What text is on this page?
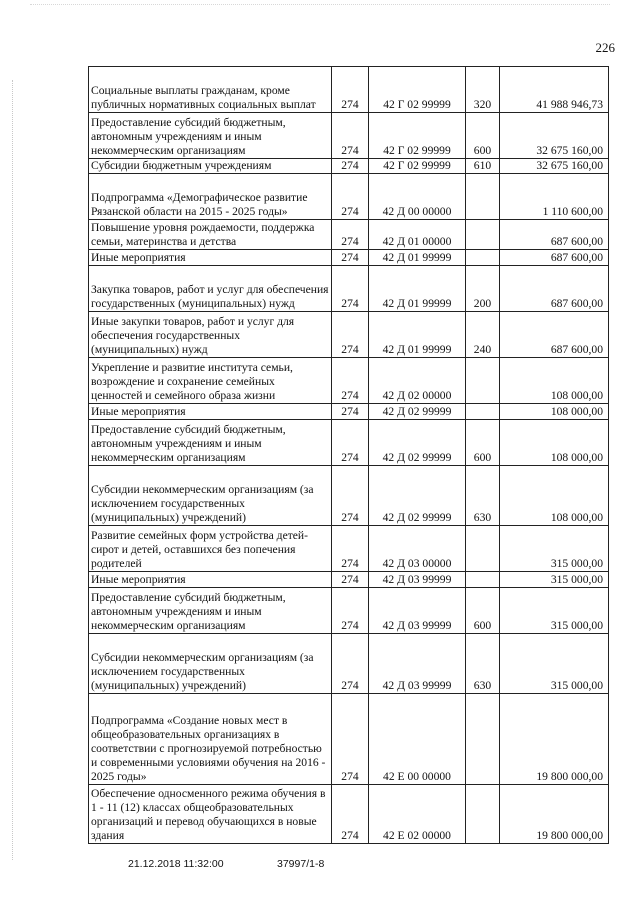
226
Социальные выплаты гражданам, кроме публичных нормативных социальных выплат	274	42 Г 02 99999	320	41 988 946,73
Предоставление субсидий бюджетным, автономным учреждениям и иным некоммерческим организациям	274	42 Г 02 99999	600	32 675 160,00
Субсидии бюджетным учреждениям	274	42 Г 02 99999	610	32 675 160,00
Подпрограмма «Демографическое развитие Рязанской области на 2015 - 2025 годы»	274	42 Д 00 00000		1 110 600,00
Повышение уровня рождаемости, поддержка семьи, материнства и детства	274	42 Д 01 00000		687 600,00
Иные мероприятия	274	42 Д 01 99999		687 600,00
Закупка товаров, работ и услуг для обеспечения государственных (муниципальных) нужд	274	42 Д 01 99999	200	687 600,00
Иные закупки товаров, работ и услуг для обеспечения государственных (муниципальных) нужд	274	42 Д 01 99999	240	687 600,00
Укрепление и развитие института семьи, возрождение и сохранение семейных ценностей и семейного образа жизни	274	42 Д 02 00000		108 000,00
Иные мероприятия	274	42 Д 02 99999		108 000,00
Предоставление субсидий бюджетным, автономным учреждениям и иным некоммерческим организациям	274	42 Д 02 99999	600	108 000,00
Субсидии некоммерческим организациям (за исключением государственных (муниципальных) учреждений)	274	42 Д 02 99999	630	108 000,00
Развитие семейных форм устройства детей-сирот и детей, оставшихся без попечения родителей	274	42 Д 03 00000		315 000,00
Иные мероприятия	274	42 Д 03 99999		315 000,00
Предоставление субсидий бюджетным, автономным учреждениям и иным некоммерческим организациям	274	42 Д 03 99999	600	315 000,00
Субсидии некоммерческим организациям (за исключением государственных (муниципальных) учреждений)	274	42 Д 03 99999	630	315 000,00
Подпрограмма «Создание новых мест в общеобразовательных организациях в соответствии с прогнозируемой потребностью и современными условиями обучения на 2016 - 2025 годы»	274	42 Е 00 00000		19 800 000,00
Обеспечение односменного режима обучения в 1 - 11 (12) классах общеобразовательных организаций и перевод обучающихся в новые здания	274	42 Е 02 00000		19 800 000,00
21.12.2018 11:32:00	37997/1-8
